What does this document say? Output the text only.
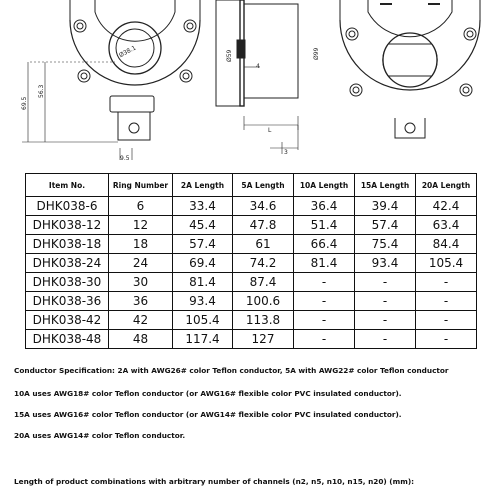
Ø38.1
69.5
56.3
9.5
Ø59	Ø99
4
L
3
Item No.	Ring Number	2A Length	5A Length	10A Length	15A Length	20A Length
DHK038-6	6	33.4	34.6	36.4	39.4	42.4
DHK038-12	12	45.4	47.8	51.4	57.4	63.4
DHK038-18	18	57.4	61	66.4	75.4	84.4
DHK038-24	24	69.4	74.2	81.4	93.4	105.4
DHK038-30	30	81.4	87.4	-	-	-
DHK038-36	36	93.4	100.6	-	-	-
DHK038-42	42	105.4	113.8	-	-	-
DHK038-48	48	117.4	127	-	-	-
Conductor Specification: 2A with AWG26# color Teflon conductor, 5A with AWG22# color Teflon conductor
10A uses AWG18# color Teflon conductor (or AWG16# flexible color PVC insulated conductor).
15A uses AWG16# color Teflon conductor (or AWG14# flexible color PVC insulated conductor).
20A uses AWG14# color Teflon conductor.
Length of product combinations with arbitrary number of channels (n2, n5, n10, n15, n20) (mm):
